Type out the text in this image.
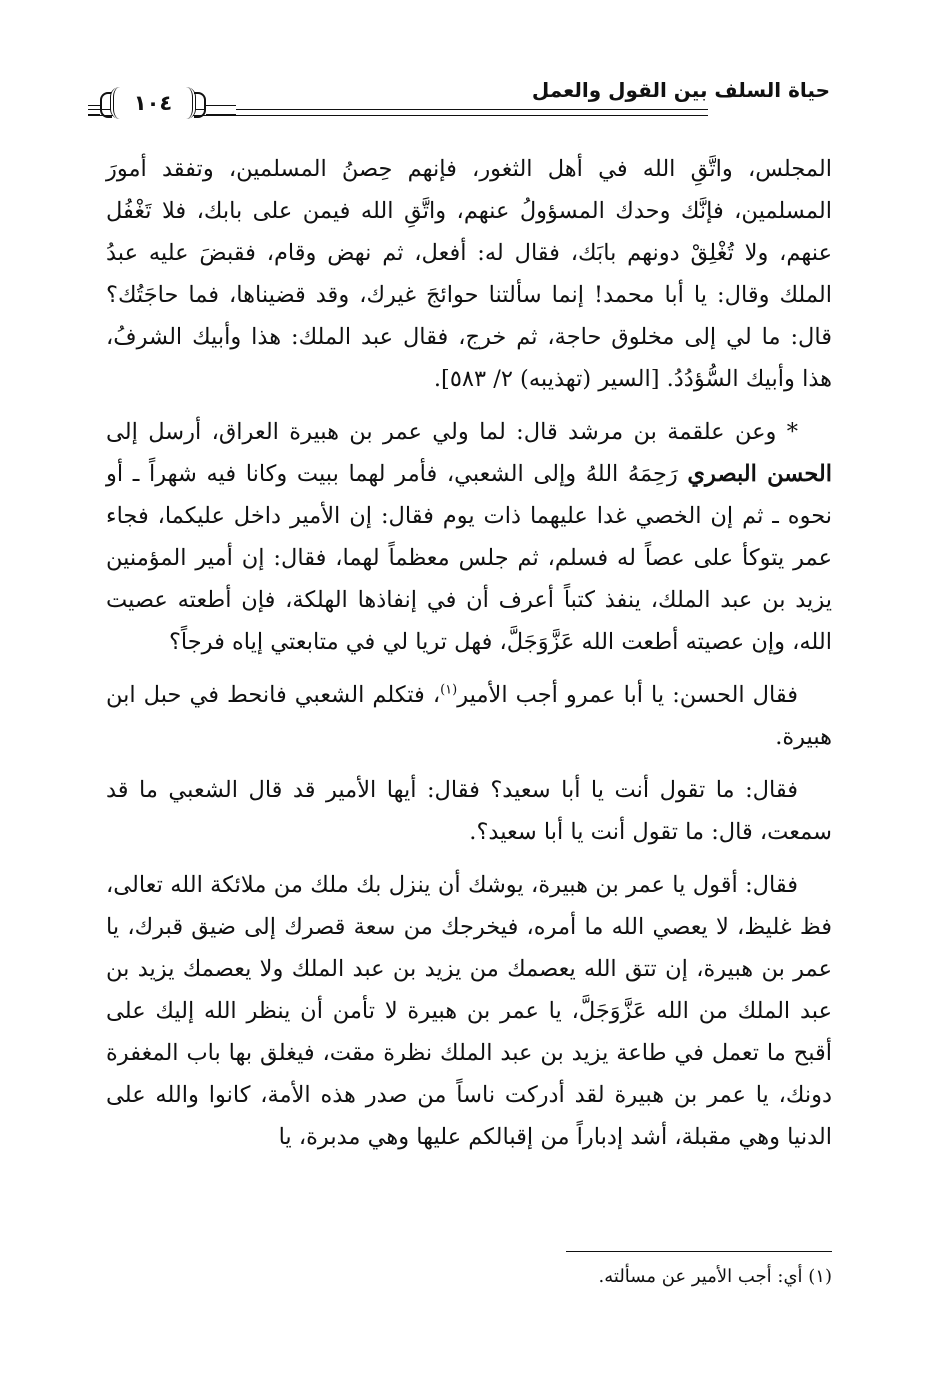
حياة السلف بين القول والعمل
١٠٤

المجلس، واتَّقِ الله في أهل الثغور، فإنهم حِصنُ المسلمين، وتفقد أمورَ المسلمين، فإنَّك وحدك المسؤولُ عنهم، واتَّقِ الله فيمن على بابك، فلا تَغْفُل عنهم، ولا تُغْلِقْ دونهم بابَك، فقال له: أفعل، ثم نهض وقام، فقبضَ عليه عبدُ الملك وقال: يا أبا محمد! إنما سألتنا حوائجَ غيرك، وقد قضيناها، فما حاجَتُك؟ قال: ما لي إلى مخلوق حاجة، ثم خرج، فقال عبد الملك: هذا وأبيك الشرفُ، هذا وأبيك السُّؤدُدُ. [السير (تهذيبه) ٢/ ٥٨٣].

* وعن علقمة بن مرشد قال: لما ولي عمر بن هبيرة العراق، أرسل إلى الحسن البصري رَحِمَهُ اللهُ وإلى الشعبي، فأمر لهما ببيت وكانا فيه شهراً ـ أو نحوه ـ ثم إن الخصي غدا عليهما ذات يوم فقال: إن الأمير داخل عليكما، فجاء عمر يتوكأ على عصاً له فسلم، ثم جلس معظماً لهما، فقال: إن أمير المؤمنين يزيد بن عبد الملك، ينفذ كتباً أعرف أن في إنفاذها الهلكة، فإن أطعته عصيت الله، وإن عصيته أطعت الله عَزَّوَجَلَّ، فهل تريا لي في متابعتي إياه فرجاً؟

فقال الحسن: يا أبا عمرو أجب الأمير$^{(١)}$، فتكلم الشعبي فانحط في حبل ابن هبيرة.

فقال: ما تقول أنت يا أبا سعيد؟ فقال: أيها الأمير قد قال الشعبي ما قد سمعت، قال: ما تقول أنت يا أبا سعيد؟.

فقال: أقول يا عمر بن هبيرة، يوشك أن ينزل بك ملك من ملائكة الله تعالى، فظ غليظ، لا يعصي الله ما أمره، فيخرجك من سعة قصرك إلى ضيق قبرك، يا عمر بن هبيرة، إن تتق الله يعصمك من يزيد بن عبد الملك ولا يعصمك يزيد بن عبد الملك من الله عَزَّوَجَلَّ، يا عمر بن هبيرة لا تأمن أن ينظر الله إليك على أقبح ما تعمل في طاعة يزيد بن عبد الملك نظرة مقت، فيغلق بها باب المغفرة دونك، يا عمر بن هبيرة لقد أدركت ناساً من صدر هذه الأمة، كانوا والله على الدنيا وهي مقبلة، أشد إدباراً من إقبالكم عليها وهي مدبرة، يا

(١) أي: أجب الأمير عن مسألته.
